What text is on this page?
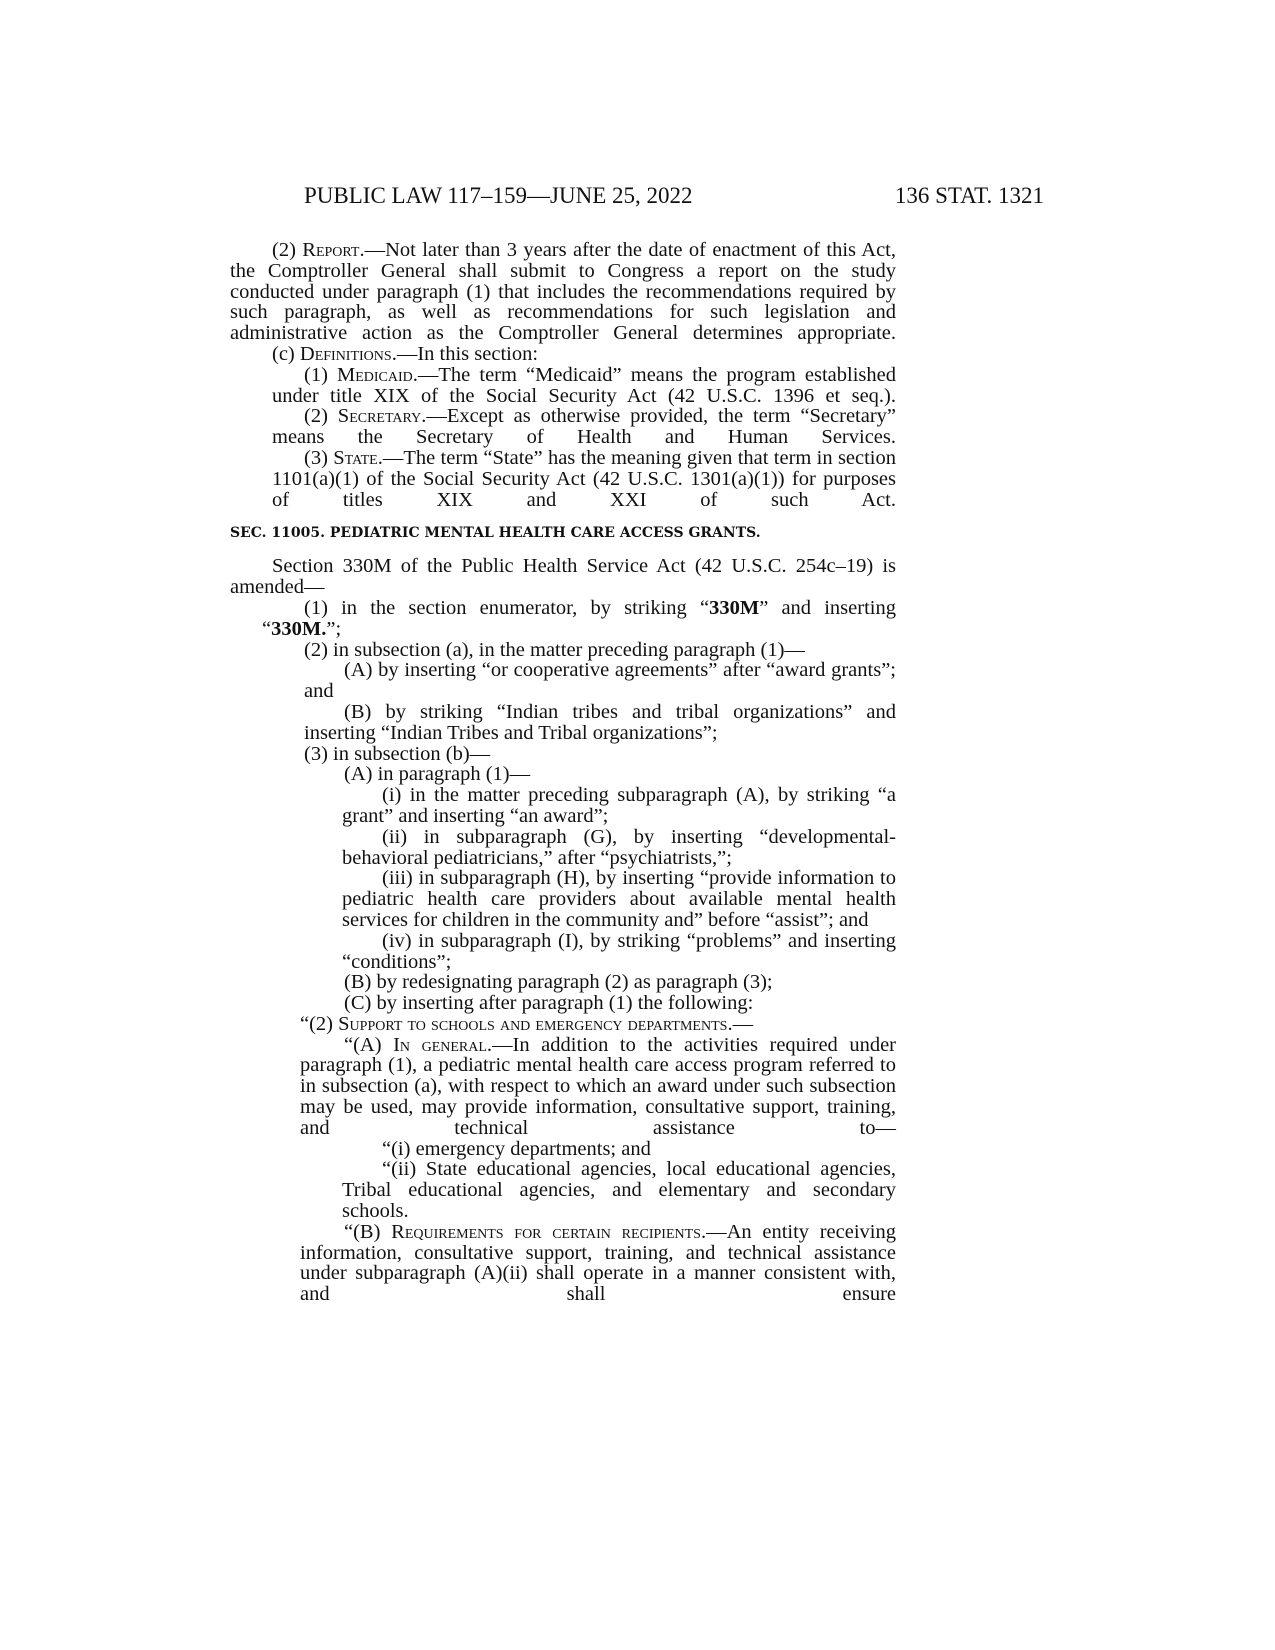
PUBLIC LAW 117–159—JUNE 25, 2022	136 STAT. 1321

(2) Report.—Not later than 3 years after the date of enactment of this Act, the Comptroller General shall submit to Congress a report on the study conducted under paragraph (1) that includes the recommendations required by such paragraph, as well as recommendations for such legislation and administrative action as the Comptroller General determines appropriate.

(c) Definitions.—In this section:

(1) Medicaid.—The term “Medicaid” means the program established under title XIX of the Social Security Act (42 U.S.C. 1396 et seq.).

(2) Secretary.—Except as otherwise provided, the term “Secretary” means the Secretary of Health and Human Services.

(3) State.—The term “State” has the meaning given that term in section 1101(a)(1) of the Social Security Act (42 U.S.C. 1301(a)(1)) for purposes of titles XIX and XXI of such Act.

SEC. 11005. PEDIATRIC MENTAL HEALTH CARE ACCESS GRANTS.

Section 330M of the Public Health Service Act (42 U.S.C. 254c–19) is amended—

(1) in the section enumerator, by striking “330M” and inserting “330M.”;

(2) in subsection (a), in the matter preceding paragraph (1)—

(A) by inserting “or cooperative agreements” after “award grants”; and

(B) by striking “Indian tribes and tribal organizations” and inserting “Indian Tribes and Tribal organizations”;

(3) in subsection (b)—

(A) in paragraph (1)—

(i) in the matter preceding subparagraph (A), by striking “a grant” and inserting “an award”;

(ii) in subparagraph (G), by inserting “developmental-behavioral pediatricians,” after “psychiatrists,”;

(iii) in subparagraph (H), by inserting “provide information to pediatric health care providers about available mental health services for children in the community and” before “assist”; and

(iv) in subparagraph (I), by striking “problems” and inserting “conditions”;

(B) by redesignating paragraph (2) as paragraph (3);

(C) by inserting after paragraph (1) the following:

“(2) Support to schools and emergency departments.—

“(A) In general.—In addition to the activities required under paragraph (1), a pediatric mental health care access program referred to in subsection (a), with respect to which an award under such subsection may be used, may provide information, consultative support, training, and technical assistance to—

“(i) emergency departments; and

“(ii) State educational agencies, local educational agencies, Tribal educational agencies, and elementary and secondary schools.

“(B) Requirements for certain recipients.—An entity receiving information, consultative support, training, and technical assistance under subparagraph (A)(ii) shall operate in a manner consistent with, and shall ensure
